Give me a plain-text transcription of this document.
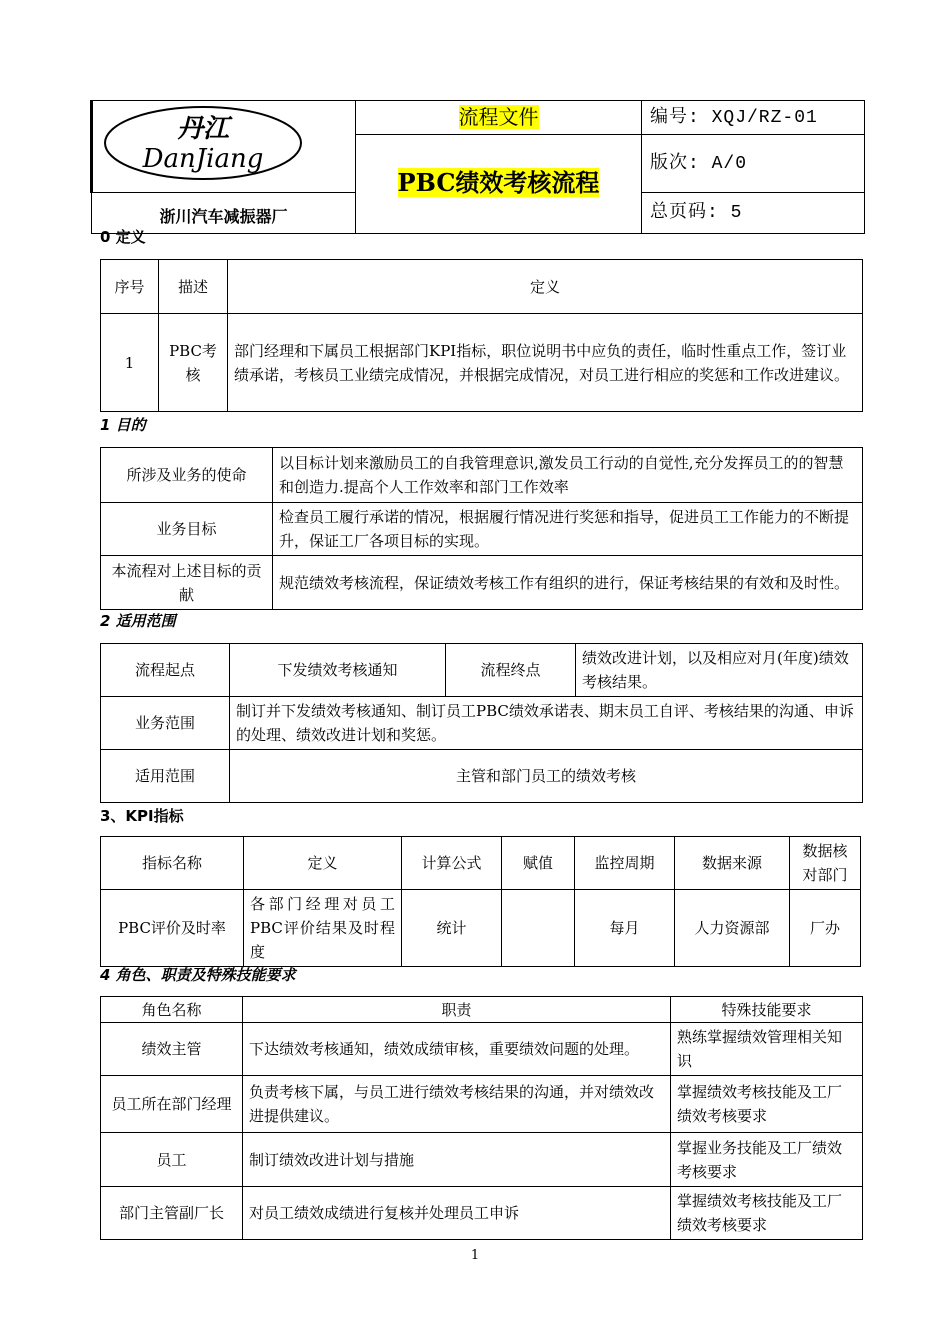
丹江
DanJiang	流程文件	编号: XQJ/RZ-01
	PBC绩效考核流程	版次: A/0
浙川汽车减振器厂		总页码: 5
0 定义
序号	描述	定义
1	PBC考核	部门经理和下属员工根据部门KPI指标，职位说明书中应负的责任，临时性重点工作，签订业绩承诺，考核员工业绩完成情况，并根据完成情况，对员工进行相应的奖惩和工作改进建议。
1 目的
所涉及业务的使命	以目标计划来激励员工的自我管理意识,激发员工行动的自觉性,充分发挥员工的的智慧和创造力.提高个人工作效率和部门工作效率
业务目标	检查员工履行承诺的情况，根据履行情况进行奖惩和指导，促进员工工作能力的不断提升，保证工厂各项目标的实现。
本流程对上述目标的贡献	规范绩效考核流程，保证绩效考核工作有组织的进行，保证考核结果的有效和及时性。
2 适用范围
流程起点	下发绩效考核通知	流程终点	绩效改进计划，以及相应对月(年度)绩效考核结果。
业务范围	制订并下发绩效考核通知、制订员工PBC绩效承诺表、期末员工自评、考核结果的沟通、申诉的处理、绩效改进计划和奖惩。		
适用范围	主管和部门员工的绩效考核		
3、KPI指标
指标名称	定义	计算公式	赋值	监控周期	数据来源	数据核对部门
PBC评价及时率	各部门经理对员工PBC评价结果及时程度	统计		每月	人力资源部	厂办
4 角色、职责及特殊技能要求
角色名称	职责	特殊技能要求
绩效主管	下达绩效考核通知，绩效成绩审核，重要绩效问题的处理。	熟练掌握绩效管理相关知识
员工所在部门经理	负责考核下属，与员工进行绩效考核结果的沟通，并对绩效改进提供建议。	掌握绩效考核技能及工厂绩效考核要求
员工	制订绩效改进计划与措施	掌握业务技能及工厂绩效考核要求
部门主管副厂长	对员工绩效成绩进行复核并处理员工申诉	掌握绩效考核技能及工厂绩效考核要求
1
